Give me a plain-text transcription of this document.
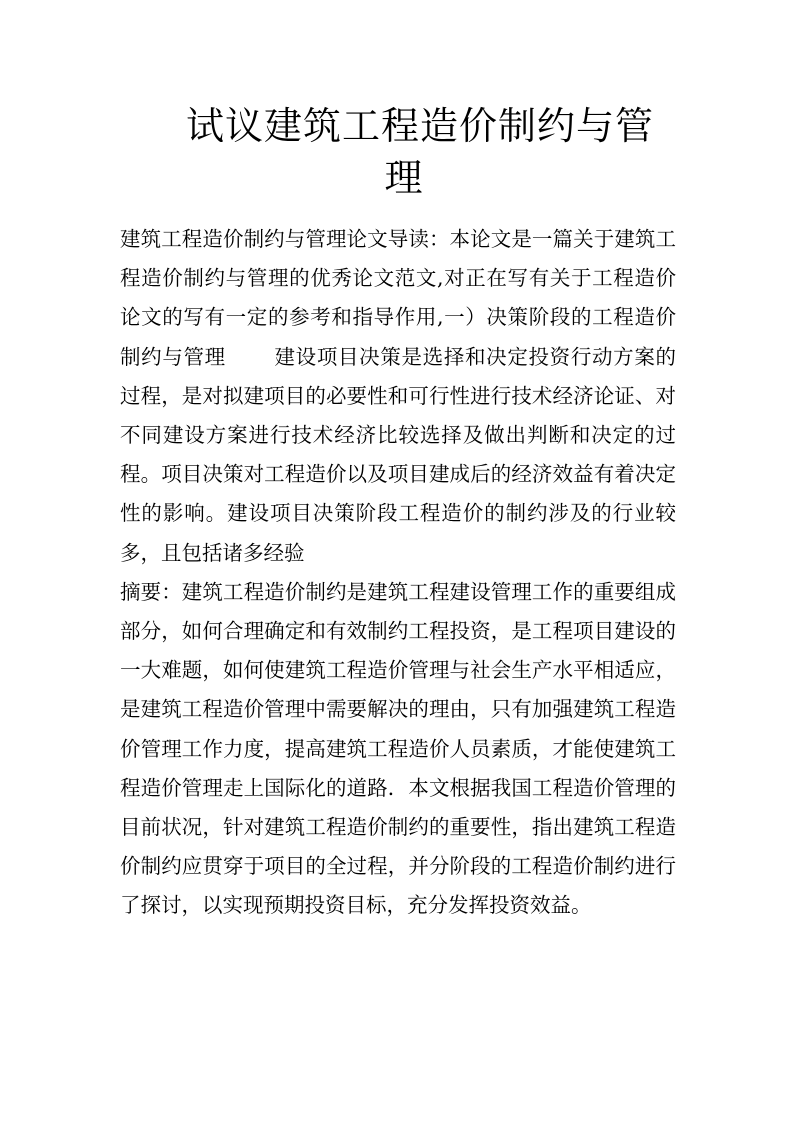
试议建筑工程造价制约与管
理

建筑工程造价制约与管理论文导读：本论文是一篇关于建筑工程造价制约与管理的优秀论文范文,对正在写有关于工程造价论文的写有一定的参考和指导作用,一）决策阶段的工程造价制约与管理 建设项目决策是选择和决定投资行动方案的过程，是对拟建项目的必要性和可行性进行技术经济论证、对不同建设方案进行技术经济比较选择及做出判断和决定的过程。项目决策对工程造价以及项目建成后的经济效益有着决定性的影响。建设项目决策阶段工程造价的制约涉及的行业较多，且包括诸多经验

摘要：建筑工程造价制约是建筑工程建设管理工作的重要组成部分，如何合理确定和有效制约工程投资，是工程项目建设的一大难题，如何使建筑工程造价管理与社会生产水平相适应，是建筑工程造价管理中需要解决的理由，只有加强建筑工程造价管理工作力度，提高建筑工程造价人员素质，才能使建筑工程造价管理走上国际化的道路．本文根据我国工程造价管理的目前状况，针对建筑工程造价制约的重要性，指出建筑工程造价制约应贯穿于项目的全过程，并分阶段的工程造价制约进行了探讨，以实现预期投资目标，充分发挥投资效益。
